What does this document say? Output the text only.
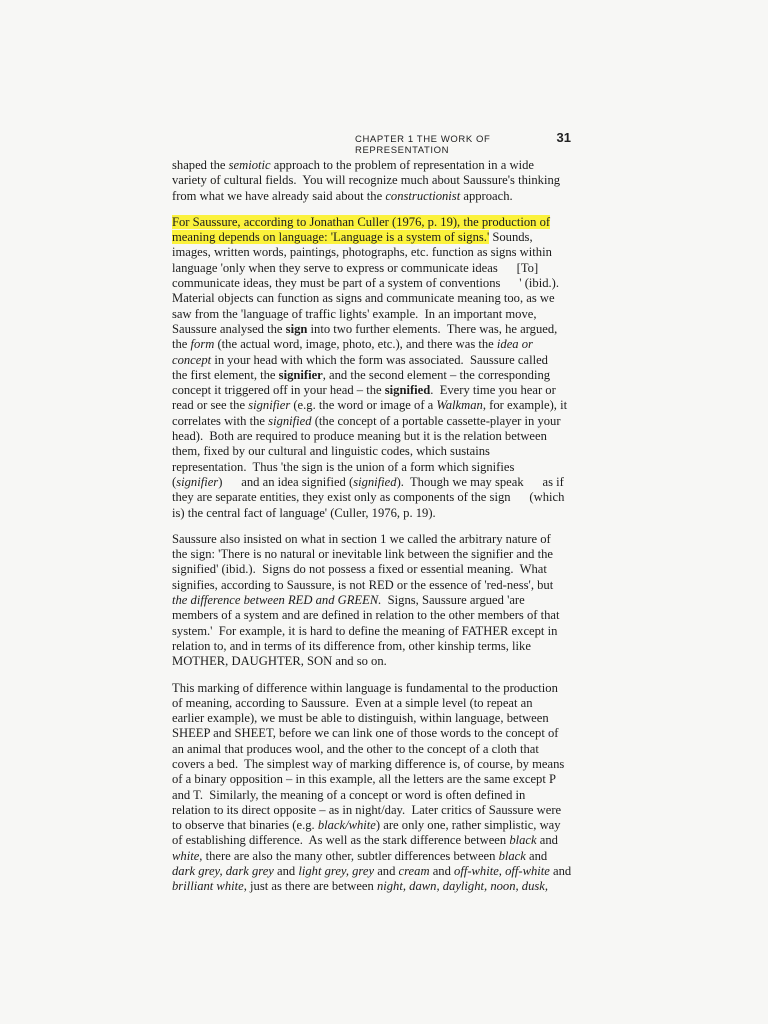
CHAPTER 1 THE WORK OF REPRESENTATION
31

shaped the semiotic approach to the problem of representation in a wide
variety of cultural fields.  You will recognize much about Saussure's thinking
from what we have already said about the constructionist approach.

For Saussure, according to Jonathan Culler (1976, p. 19), the production of
meaning depends on language: 'Language is a system of signs.' Sounds,
images, written words, paintings, photographs, etc. function as signs within
language 'only when they serve to express or communicate ideas      [To]
communicate ideas, they must be part of a system of conventions      ' (ibid.).
Material objects can function as signs and communicate meaning too, as we
saw from the 'language of traffic lights' example.  In an important move,
Saussure analysed the sign into two further elements.  There was, he argued,
the form (the actual word, image, photo, etc.), and there was the idea or
concept in your head with which the form was associated.  Saussure called
the first element, the signifier, and the second element – the corresponding
concept it triggered off in your head – the signified.  Every time you hear or
read or see the signifier (e.g. the word or image of a Walkman, for example), it
correlates with the signified (the concept of a portable cassette-player in your
head).  Both are required to produce meaning but it is the relation between
them, fixed by our cultural and linguistic codes, which sustains
representation.  Thus 'the sign is the union of a form which signifies
(signifier)      and an idea signified (signified).  Though we may speak      as if
they are separate entities, they exist only as components of the sign      (which
is) the central fact of language' (Culler, 1976, p. 19).

Saussure also insisted on what in section 1 we called the arbitrary nature of
the sign: 'There is no natural or inevitable link between the signifier and the
signified' (ibid.).  Signs do not possess a fixed or essential meaning.  What
signifies, according to Saussure, is not RED or the essence of 'red-ness', but
the difference between RED and GREEN.  Signs, Saussure argued 'are
members of a system and are defined in relation to the other members of that
system.'  For example, it is hard to define the meaning of FATHER except in
relation to, and in terms of its difference from, other kinship terms, like
MOTHER, DAUGHTER, SON and so on.

This marking of difference within language is fundamental to the production
of meaning, according to Saussure.  Even at a simple level (to repeat an
earlier example), we must be able to distinguish, within language, between
SHEEP and SHEET, before we can link one of those words to the concept of
an animal that produces wool, and the other to the concept of a cloth that
covers a bed.  The simplest way of marking difference is, of course, by means
of a binary opposition – in this example, all the letters are the same except P
and T.  Similarly, the meaning of a concept or word is often defined in
relation to its direct opposite – as in night/day.  Later critics of Saussure were
to observe that binaries (e.g. black/white) are only one, rather simplistic, way
of establishing difference.  As well as the stark difference between black and
white, there are also the many other, subtler differences between black and
dark grey, dark grey and light grey, grey and cream and off-white, off-white and
brilliant white, just as there are between night, dawn, daylight, noon, dusk,
